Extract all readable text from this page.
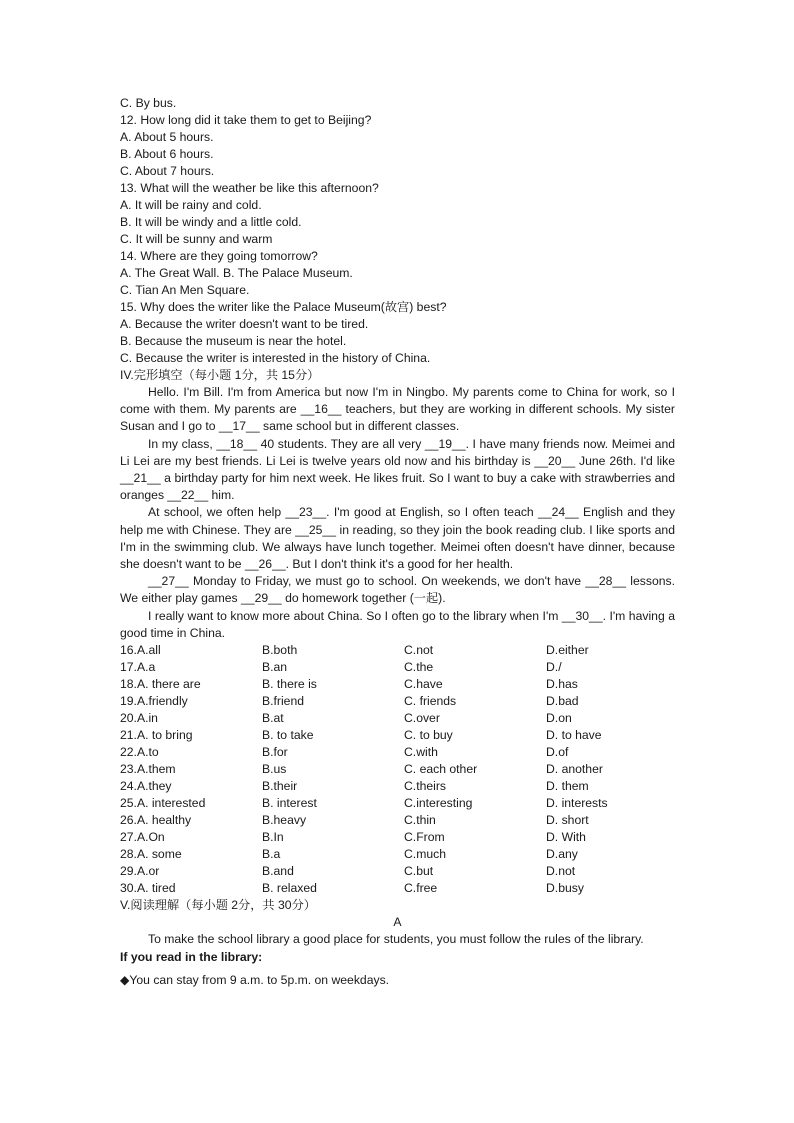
C. By bus.
12. How long did it take them to get to Beijing?
A. About 5 hours.
B. About 6 hours.
C. About 7 hours.
13. What will the weather be like this afternoon?
A. It will be rainy and cold.
B. It will be windy and a little cold.
C. It will be sunny and warm
14. Where are they going tomorrow?
A. The Great Wall. B. The Palace Museum.
C. Tian An Men Square.
15. Why does the writer like the Palace Museum(故宫) best?
A. Because the writer doesn't want to be tired.
B. Because the museum is near the hotel.
C. Because the writer is interested in the history of China.
IV.完形填空（每小题 1分，共 15分）

Hello. I'm Bill. I'm from America but now I'm in Ningbo. My parents come to China for work, so I come with them. My parents are __16__ teachers, but they are working in different schools. My sister Susan and I go to __17__ same school but in different classes.

In my class, __18__ 40 students. They are all very __19__. I have many friends now. Meimei and Li Lei are my best friends. Li Lei is twelve years old now and his birthday is __20__ June 26th. I'd like __21__ a birthday party for him next week. He likes fruit. So I want to buy a cake with strawberries and oranges __22__ him.

At school, we often help __23__. I'm good at English, so I often teach __24__ English and they help me with Chinese. They are __25__ in reading, so they join the book reading club. I like sports and I'm in the swimming club. We always have lunch together. Meimei often doesn't have dinner, because she doesn't want to be __26__. But I don't think it's a good for her health.

__27__ Monday to Friday, we must go to school. On weekends, we don't have __28__ lessons. We either play games __29__ do homework together (一起).

I really want to know more about China. So I often go to the library when I'm __30__. I'm having a good time in China.

16.A.all	B.both	C.not	D.either
17.A.a	B.an	C.the	D./
18.A. there are	B. there is	C.have	D.has
19.A.friendly	B.friend	C. friends	D.bad
20.A.in	B.at	C.over	D.on
21.A. to bring	B. to take	C. to buy	D. to have
22.A.to	B.for	C.with	D.of
23.A.them	B.us	C. each other	D. another
24.A.they	B.their	C.theirs	D. them
25.A. interested	B. interest	C.interesting	D. interests
26.A. healthy	B.heavy	C.thin	D. short
27.A.On	B.In	C.From	D. With
28.A. some	B.a	C.much	D.any
29.A.or	B.and	C.but	D.not
30.A. tired	B. relaxed	C.free	D.busy
V.阅读理解（每小题 2分，共 30分）
A

To make the school library a good place for students, you must follow the rules of the library.

If you read in the library:
◆You can stay from 9 a.m. to 5p.m. on weekdays.
